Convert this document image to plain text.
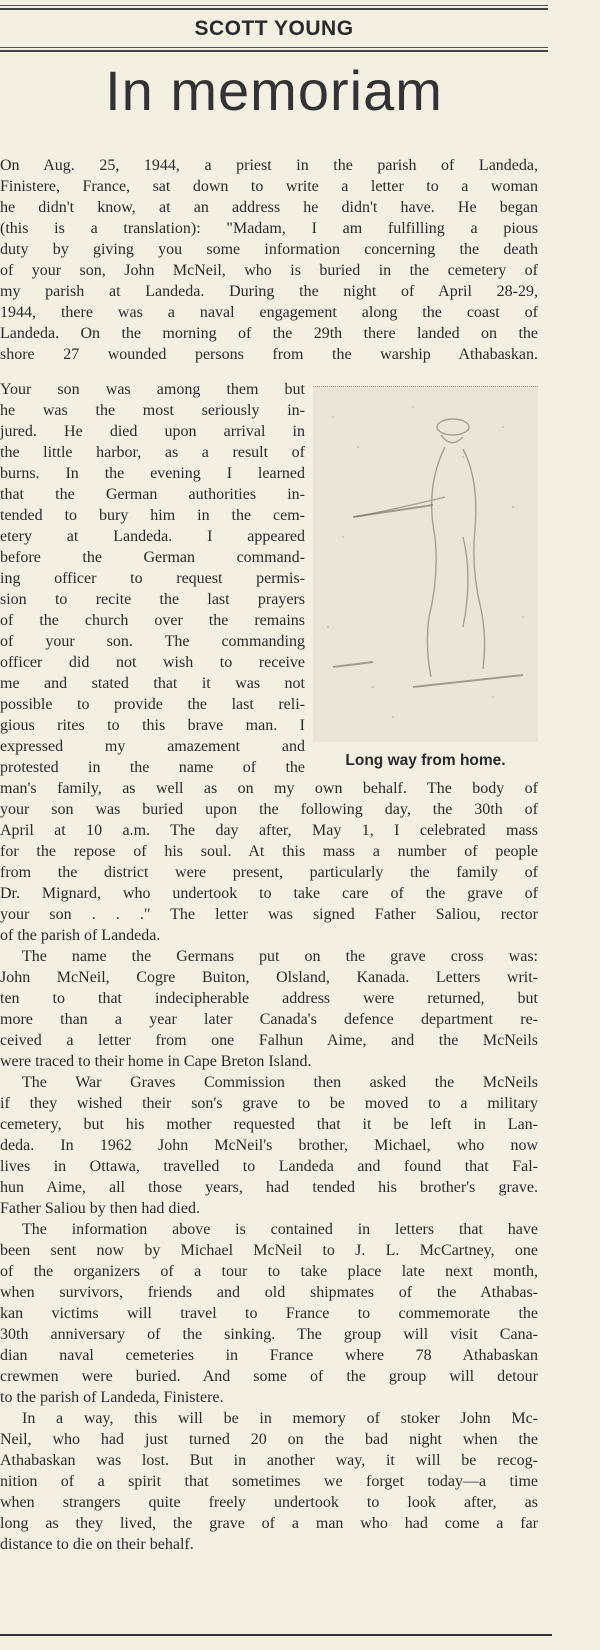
SCOTT YOUNG
In memoriam
On Aug. 25, 1944, a priest in the parish of Landeda,
Finistere, France, sat down to write a letter to a woman
he didn't know, at an address he didn't have. He began
(this is a translation): "Madam, I am fulfilling a pious
duty by giving you some information concerning the death
of your son, John McNeil, who is buried in the cemetery of
my parish at Landeda. During the night of April 28-29,
1944, there was a naval engagement along the coast of
Landeda. On the morning of the 29th there landed on the
shore 27 wounded persons from the warship Athabaskan.
Your son was among them but
he was the most seriously in-
jured. He died upon arrival in
the little harbor, as a result of
burns. In the evening I learned
that the German authorities in-
tended to bury him in the cem-
etery at Landeda. I appeared
before the German command-
ing officer to request permis-
sion to recite the last prayers
of the church over the remains
of your son. The commanding
officer did not wish to receive
me and stated that it was not
possible to provide the last reli-
gious rites to this brave man. I
expressed my amazement and
protested in the name of the	Long way from home.
man's family, as well as on my own behalf. The body of
your son was buried upon the following day, the 30th of
April at 10 a.m. The day after, May 1, I celebrated mass
for the repose of his soul. At this mass a number of people
from the district were present, particularly the family of
Dr. Mignard, who undertook to take care of the grave of
your son . . ." The letter was signed Father Saliou, rector
of the parish of Landeda.
The name the Germans put on the grave cross was:
John McNeil, Cogre Buiton, Olsland, Kanada. Letters writ-
ten to that indecipherable address were returned, but
more than a year later Canada's defence department re-
ceived a letter from one Falhun Aime, and the McNeils
were traced to their home in Cape Breton Island.
The War Graves Commission then asked the McNeils
if they wished their son's grave to be moved to a military
cemetery, but his mother requested that it be left in Lan-
deda. In 1962 John McNeil's brother, Michael, who now
lives in Ottawa, travelled to Landeda and found that Fal-
hun Aime, all those years, had tended his brother's grave.
Father Saliou by then had died.
The information above is contained in letters that have
been sent now by Michael McNeil to J. L. McCartney, one
of the organizers of a tour to take place late next month,
when survivors, friends and old shipmates of the Athabas-
kan victims will travel to France to commemorate the
30th anniversary of the sinking. The group will visit Cana-
dian naval cemeteries in France where 78 Athabaskan
crewmen were buried. And some of the group will detour
to the parish of Landeda, Finistere.
In a way, this will be in memory of stoker John Mc-
Neil, who had just turned 20 on the bad night when the
Athabaskan was lost. But in another way, it will be recog-
nition of a spirit that sometimes we forget today—a time
when strangers quite freely undertook to look after, as
long as they lived, the grave of a man who had come a far
distance to die on their behalf.
